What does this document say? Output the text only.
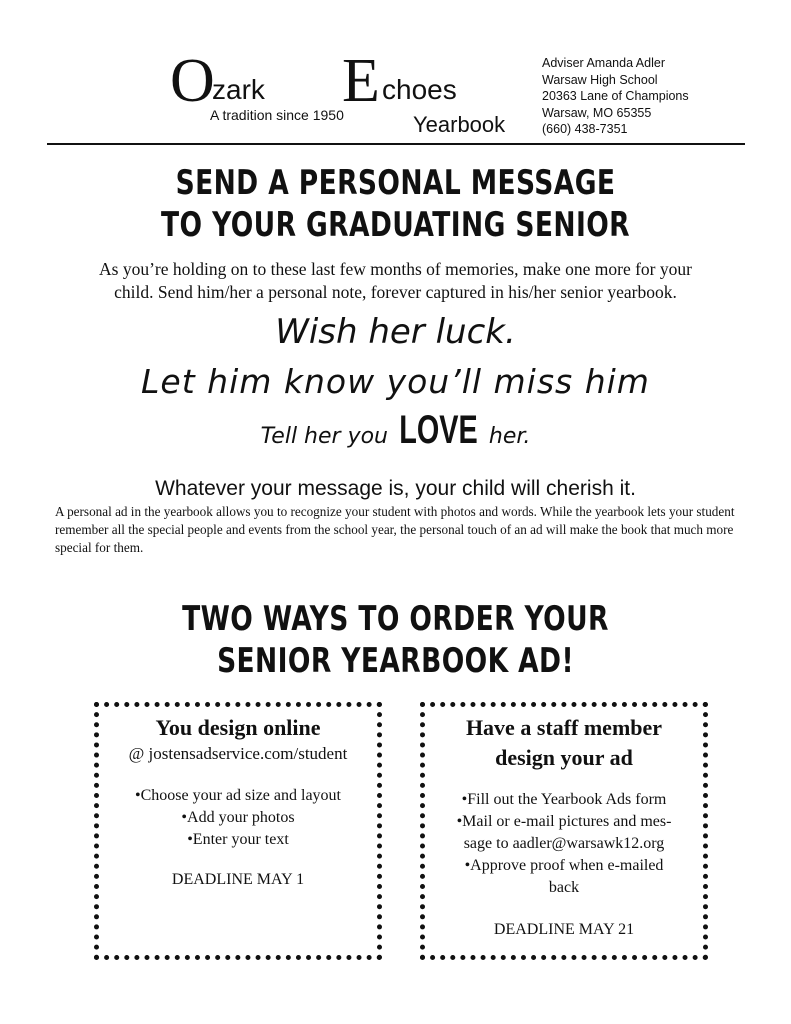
O
zark E choes
A tradition since 1950	Yearbook
Adviser Amanda Adler
Warsaw High School
20363 Lane of Champions
Warsaw, MO 65355
(660) 438-7351
SEND A PERSONAL MESSAGE
TO YOUR GRADUATING SENIOR
As you’re holding on to these last few months of memories, make one more for your
child. Send him/her a personal note, forever captured in his/her senior yearbook.
Wish her luck.
Let him know you’ll miss him
Tell her you LOVE her.
Whatever your message is, your child will cherish it.
A personal ad in the yearbook allows you to recognize your student with photos and words. While the yearbook lets your student remember all the special people and events from the school year, the personal touch of an ad will make the book that much more special for them.
TWO WAYS TO ORDER YOUR
SENIOR YEARBOOK AD!
You design online
@ jostensadservice.com/student
•Choose your ad size and layout
•Add your photos
•Enter your text
DEADLINE MAY 1
Have a staff member
design your ad
•Fill out the Yearbook Ads form
•Mail or e-mail pictures and mes-
sage to aadler@warsawk12.org
•Approve proof when e-mailed
back
DEADLINE MAY 21
